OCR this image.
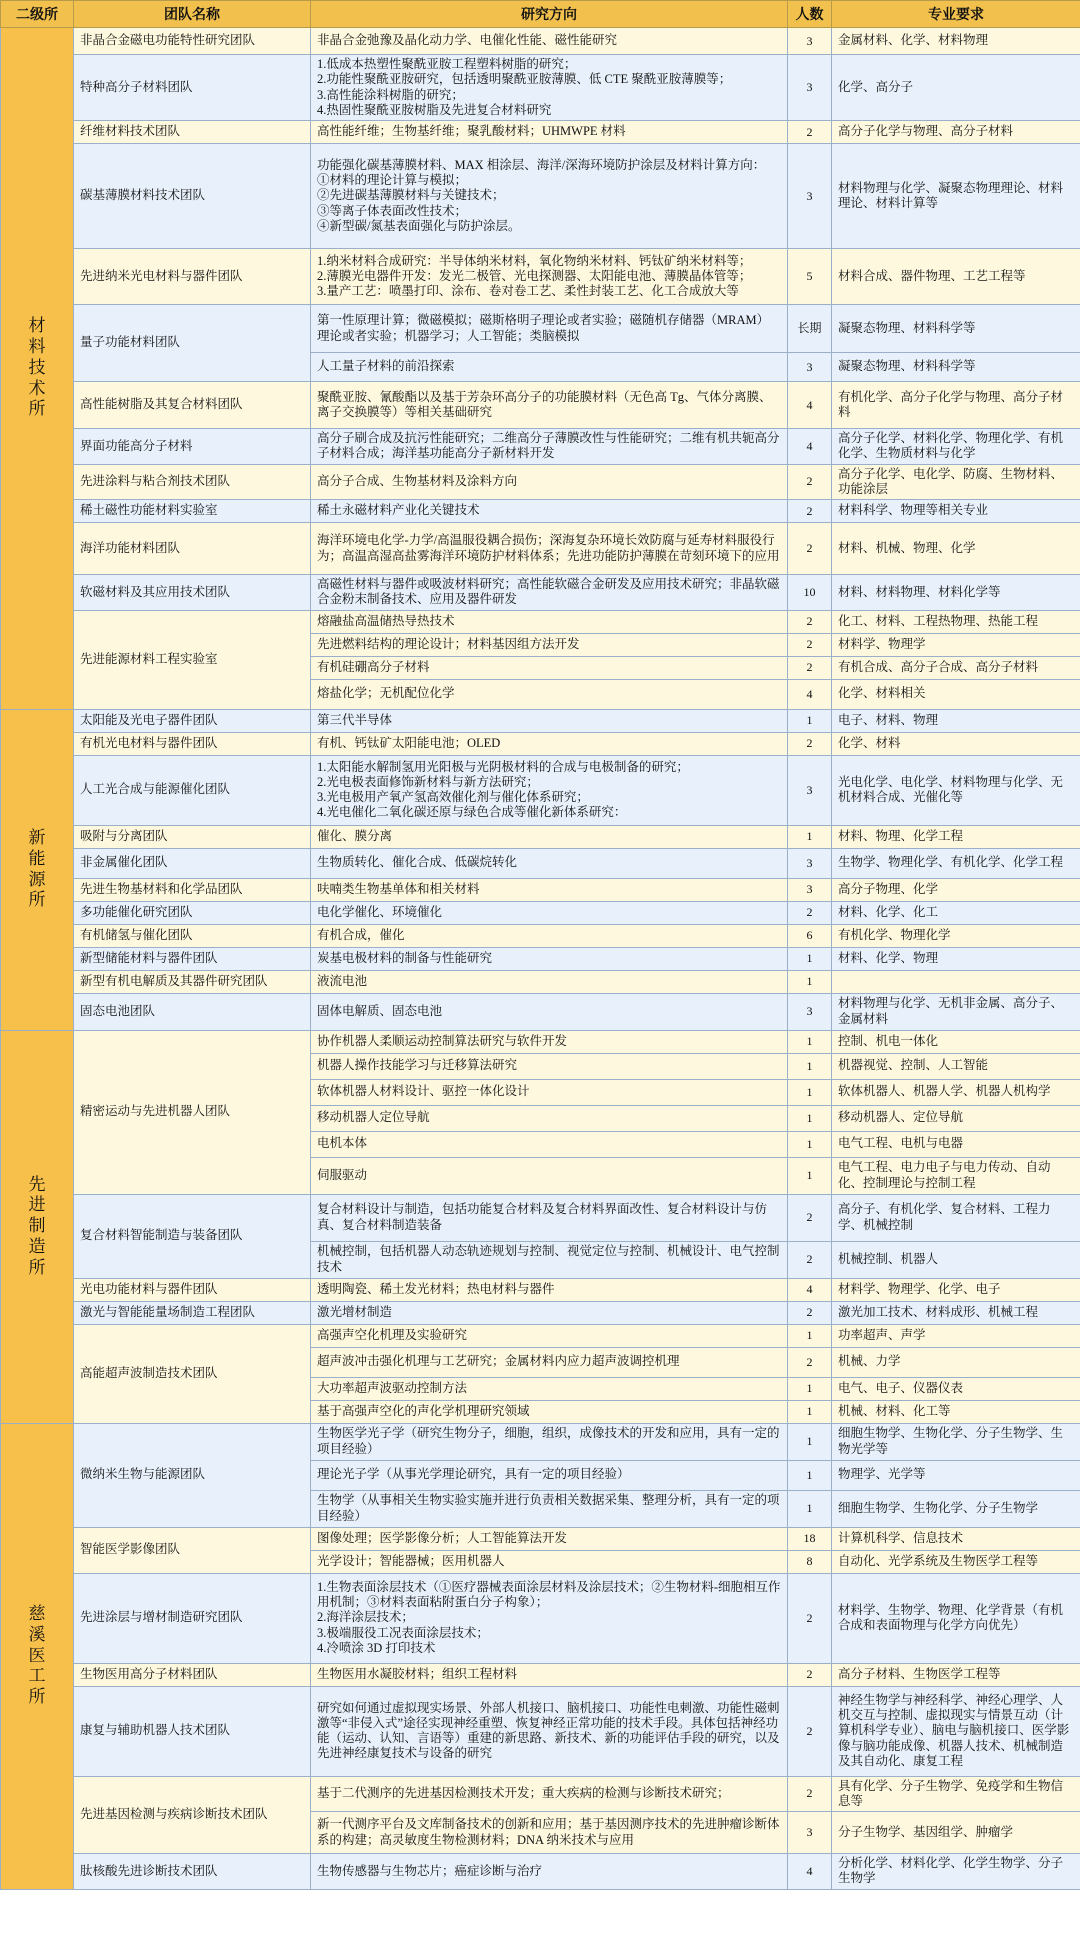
二级所	团队名称	研究方向	人数	专业要求
材
料
技
术
所	非晶合金磁电功能特性研究团队	非晶合金弛豫及晶化动力学、电催化性能、磁性能研究	3	金属材料、化学、材料物理
	特种高分子材料团队	1.低成本热塑性聚酰亚胺工程塑料树脂的研究；
2.功能性聚酰亚胺研究，包括透明聚酰亚胺薄膜、低 CTE 聚酰亚胺薄膜等；
3.高性能涂料树脂的研究；
4.热固性聚酰亚胺树脂及先进复合材料研究	3	化学、高分子
	纤维材料技术团队	高性能纤维；生物基纤维；聚乳酸材料；UHMWPE 材料	2	高分子化学与物理、高分子材料
	碳基薄膜材料技术团队	功能强化碳基薄膜材料、MAX 相涂层、海洋/深海环境防护涂层及材料计算方向：
①材料的理论计算与模拟；
②先进碳基薄膜材料与关键技术；
③等离子体表面改性技术；
④新型碳/氮基表面强化与防护涂层。	3	材料物理与化学、凝聚态物理理论、材料理论、材料计算等
	先进纳米光电材料与器件团队	1.纳米材料合成研究：半导体纳米材料，氧化物纳米材料、钙钛矿纳米材料等；
2.薄膜光电器件开发：发光二极管、光电探测器、太阳能电池、薄膜晶体管等；
3.量产工艺：喷墨打印、涂布、卷对卷工艺、柔性封装工艺、化工合成放大等	5	材料合成、器件物理、工艺工程等
	量子功能材料团队	第一性原理计算；微磁模拟；磁斯格明子理论或者实验；磁随机存储器（MRAM）理论或者实验；机器学习；人工智能；类脑模拟	长期	凝聚态物理、材料科学等
		人工量子材料的前沿探索	3	凝聚态物理、材料科学等
	高性能树脂及其复合材料团队	聚酰亚胺、氰酸酯以及基于芳杂环高分子的功能膜材料（无色高 Tg、气体分离膜、离子交换膜等）等相关基础研究	4	有机化学、高分子化学与物理、高分子材料
	界面功能高分子材料	高分子刷合成及抗污性能研究；二维高分子薄膜改性与性能研究；二维有机共轭高分子材料合成；海洋基功能高分子新材料开发	4	高分子化学、材料化学、物理化学、有机化学、生物质材料与化学
	先进涂料与粘合剂技术团队	高分子合成、生物基材料及涂料方向	2	高分子化学、电化学、防腐、生物材料、功能涂层
	稀土磁性功能材料实验室	稀土永磁材料产业化关键技术	2	材料科学、物理等相关专业
	海洋功能材料团队	海洋环境电化学-力学/高温服役耦合损伤；深海复杂环境长效防腐与延寿材料服役行为；高温高湿高盐雾海洋环境防护材料体系；先进功能防护薄膜在苛刻环境下的应用	2	材料、机械、物理、化学
	软磁材料及其应用技术团队	高磁性材料与器件或吸波材料研究；高性能软磁合金研发及应用技术研究；非晶软磁合金粉末制备技术、应用及器件研发	10	材料、材料物理、材料化学等
	先进能源材料工程实验室	熔融盐高温储热导热技术	2	化工、材料、工程热物理、热能工程
		先进燃料结构的理论设计；材料基因组方法开发	2	材料学、物理学
		有机硅硼高分子材料	2	有机合成、高分子合成、高分子材料
		熔盐化学；无机配位化学	4	化学、材料相关
新
能
源
所	太阳能及光电子器件团队	第三代半导体	1	电子、材料、物理
	有机光电材料与器件团队	有机、钙钛矿太阳能电池；OLED	2	化学、材料
	人工光合成与能源催化团队	1.太阳能水解制氢用光阳极与光阴极材料的合成与电极制备的研究；
2.光电极表面修饰新材料与新方法研究；
3.光电极用产氧产氢高效催化剂与催化体系研究；
4.光电催化二氧化碳还原与绿色合成等催化新体系研究：	3	光电化学、电化学、材料物理与化学、无机材料合成、光催化等
	吸附与分离团队	催化、膜分离	1	材料、物理、化学工程
	非金属催化团队	生物质转化、催化合成、低碳烷转化	3	生物学、物理化学、有机化学、化学工程
	先进生物基材料和化学品团队	呋喃类生物基单体和相关材料	3	高分子物理、化学
	多功能催化研究团队	电化学催化、环境催化	2	材料、化学、化工
	有机储氢与催化团队	有机合成，催化	6	有机化学、物理化学
	新型储能材料与器件团队	炭基电极材料的制备与性能研究	1	材料、化学、物理
	新型有机电解质及其器件研究团队	液流电池	1	
	固态电池团队	固体电解质、固态电池	3	材料物理与化学、无机非金属、高分子、金属材料
先
进
制
造
所	精密运动与先进机器人团队	协作机器人柔顺运动控制算法研究与软件开发	1	控制、机电一体化
		机器人操作技能学习与迁移算法研究	1	机器视觉、控制、人工智能
		软体机器人材料设计、驱控一体化设计	1	软体机器人、机器人学、机器人机构学
		移动机器人定位导航	1	移动机器人、定位导航
		电机本体	1	电气工程、电机与电器
		伺服驱动	1	电气工程、电力电子与电力传动、自动化、控制理论与控制工程
	复合材料智能制造与装备团队	复合材料设计与制造，包括功能复合材料及复合材料界面改性、复合材料设计与仿真、复合材料制造装备	2	高分子、有机化学、复合材料、工程力学、机械控制
		机械控制，包括机器人动态轨迹规划与控制、视觉定位与控制、机械设计、电气控制技术	2	机械控制、机器人
	光电功能材料与器件团队	透明陶瓷、稀土发光材料；热电材料与器件	4	材料学、物理学、化学、电子
	激光与智能能量场制造工程团队	激光增材制造	2	激光加工技术、材料成形、机械工程
	高能超声波制造技术团队	高强声空化机理及实验研究	1	功率超声、声学
		超声波冲击强化机理与工艺研究；金属材料内应力超声波调控机理	2	机械、力学
		大功率超声波驱动控制方法	1	电气、电子、仪器仪表
		基于高强声空化的声化学机理研究领域	1	机械、材料、化工等
慈
溪
医
工
所	微纳米生物与能源团队	生物医学光子学（研究生物分子，细胞，组织，成像技术的开发和应用，具有一定的项目经验）	1	细胞生物学、生物化学、分子生物学、生物光学等
		理论光子学（从事光学理论研究，具有一定的项目经验）	1	物理学、光学等
		生物学（从事相关生物实验实施并进行负责相关数据采集、整理分析，具有一定的项目经验）	1	细胞生物学、生物化学、分子生物学
	智能医学影像团队	图像处理；医学影像分析；人工智能算法开发	18	计算机科学、信息技术
		光学设计；智能器械；医用机器人	8	自动化、光学系统及生物医学工程等
	先进涂层与增材制造研究团队	1.生物表面涂层技术（①医疗器械表面涂层材料及涂层技术；②生物材料-细胞相互作用机制；③材料表面粘附蛋白分子构象）；
2.海洋涂层技术；
3.极端服役工况表面涂层技术；
4.冷喷涂 3D 打印技术	2	材料学、生物学、物理、化学背景（有机合成和表面物理与化学方向优先）
	生物医用高分子材料团队	生物医用水凝胶材料；组织工程材料	2	高分子材料、生物医学工程等
	康复与辅助机器人技术团队	研究如何通过虚拟现实场景、外部人机接口、脑机接口、功能性电刺激、功能性磁刺激等“非侵入式”途径实现神经重塑、恢复神经正常功能的技术手段。具体包括神经功能（运动、认知、言语等）重建的新思路、新技术、新的功能评估手段的研究，以及先进神经康复技术与设备的研究	2	神经生物学与神经科学、神经心理学、人机交互与控制、虚拟现实与情景互动（计算机科学专业）、脑电与脑机接口、医学影像与脑功能成像、机器人技术、机械制造及其自动化、康复工程
	先进基因检测与疾病诊断技术团队	基于二代测序的先进基因检测技术开发；重大疾病的检测与诊断技术研究；	2	具有化学、分子生物学、免疫学和生物信息等
		新一代测序平台及文库制备技术的创新和应用；基于基因测序技术的先进肿瘤诊断体系的构建；高灵敏度生物检测材料；DNA 纳米技术与应用	3	分子生物学、基因组学、肿瘤学
	肽核酸先进诊断技术团队	生物传感器与生物芯片；癌症诊断与治疗	4	分析化学、材料化学、化学生物学、分子生物学
